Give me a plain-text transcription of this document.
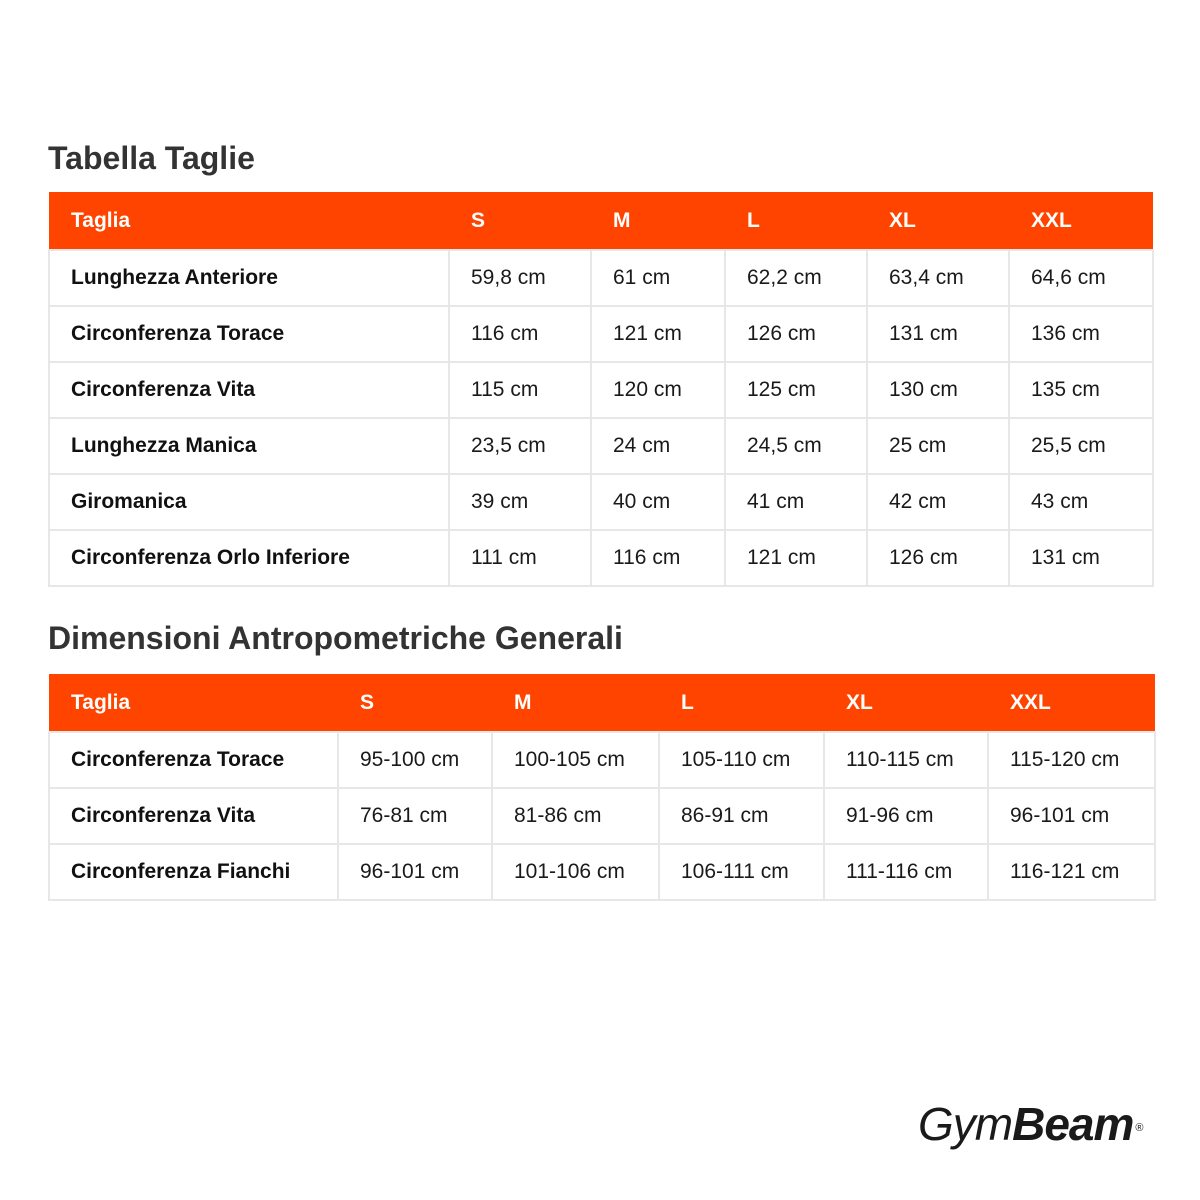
Tabella Taglie
Taglia	S	M	L	XL	XXL
Lunghezza Anteriore	59,8 cm	61 cm	62,2 cm	63,4 cm	64,6 cm
Circonferenza Torace	116 cm	121 cm	126 cm	131 cm	136 cm
Circonferenza Vita	115 cm	120 cm	125 cm	130 cm	135 cm
Lunghezza Manica	23,5 cm	24 cm	24,5 cm	25 cm	25,5 cm
Giromanica	39 cm	40 cm	41 cm	42 cm	43 cm
Circonferenza Orlo Inferiore	111 cm	116 cm	121 cm	126 cm	131 cm
Dimensioni Antropometriche Generali
Taglia	S	M	L	XL	XXL
Circonferenza Torace	95-100 cm	100-105 cm	105-110 cm	110-115 cm	115-120 cm
Circonferenza Vita	76-81 cm	81-86 cm	86-91 cm	91-96 cm	96-101 cm
Circonferenza Fianchi	96-101 cm	101-106 cm	106-111 cm	111-116 cm	116-121 cm
GymBeam ®
